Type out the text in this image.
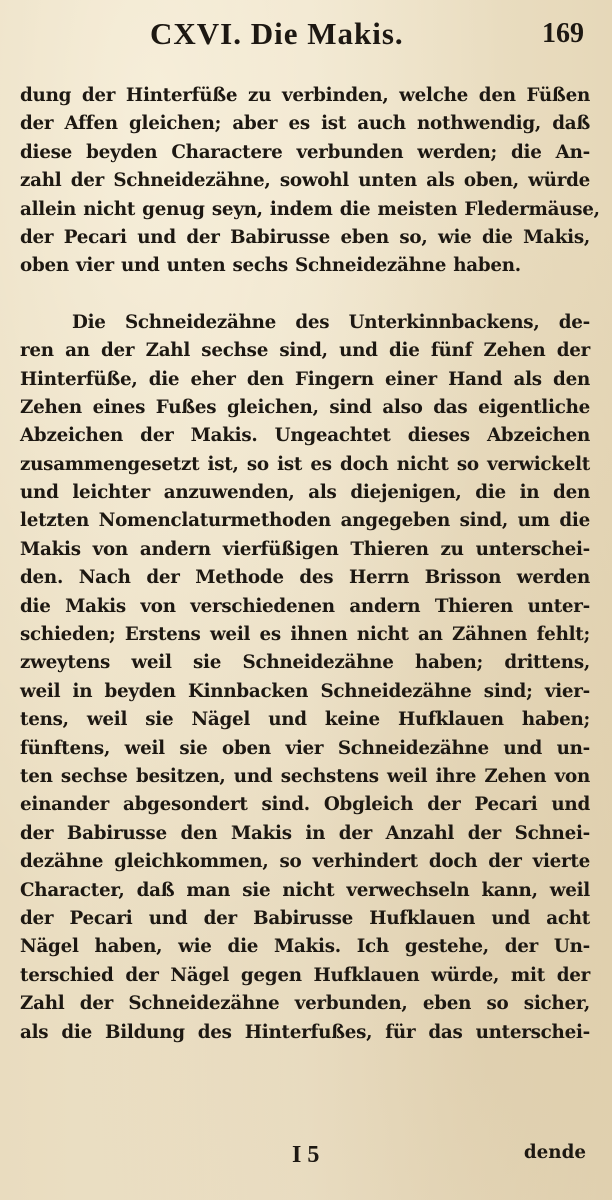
CXVI. Die Makis.	169
dung der Hinterfüße zu verbinden, welche den Füßen
der Affen gleichen; aber es ist auch nothwendig, daß
diese beyden Charactere verbunden werden; die An-
zahl der Schneidezähne, sowohl unten als oben, würde
allein nicht genug seyn, indem die meisten Fledermäuse,
der Pecari und der Babirusse eben so, wie die Makis,
oben vier und unten sechs Schneidezähne haben.
Die Schneidezähne des Unterkinnbackens, de-
ren an der Zahl sechse sind, und die fünf Zehen der
Hinterfüße, die eher den Fingern einer Hand als den
Zehen eines Fußes gleichen, sind also das eigentliche
Abzeichen der Makis. Ungeachtet dieses Abzeichen
zusammengesetzt ist, so ist es doch nicht so verwickelt
und leichter anzuwenden, als diejenigen, die in den
letzten Nomenclaturmethoden angegeben sind, um die
Makis von andern vierfüßigen Thieren zu unterschei-
den. Nach der Methode des Herrn Brisson werden
die Makis von verschiedenen andern Thieren unter-
schieden; Erstens weil es ihnen nicht an Zähnen fehlt;
zweytens weil sie Schneidezähne haben; drittens,
weil in beyden Kinnbacken Schneidezähne sind; vier-
tens, weil sie Nägel und keine Hufklauen haben;
fünftens, weil sie oben vier Schneidezähne und un-
ten sechse besitzen, und sechstens weil ihre Zehen von
einander abgesondert sind. Obgleich der Pecari und
der Babirusse den Makis in der Anzahl der Schnei-
dezähne gleichkommen, so verhindert doch der vierte
Character, daß man sie nicht verwechseln kann, weil
der Pecari und der Babirusse Hufklauen und acht
Nägel haben, wie die Makis. Ich gestehe, der Un-
terschied der Nägel gegen Hufklauen würde, mit der
Zahl der Schneidezähne verbunden, eben so sicher,
als die Bildung des Hinterfußes, für das unterschei-
I 5	dende
